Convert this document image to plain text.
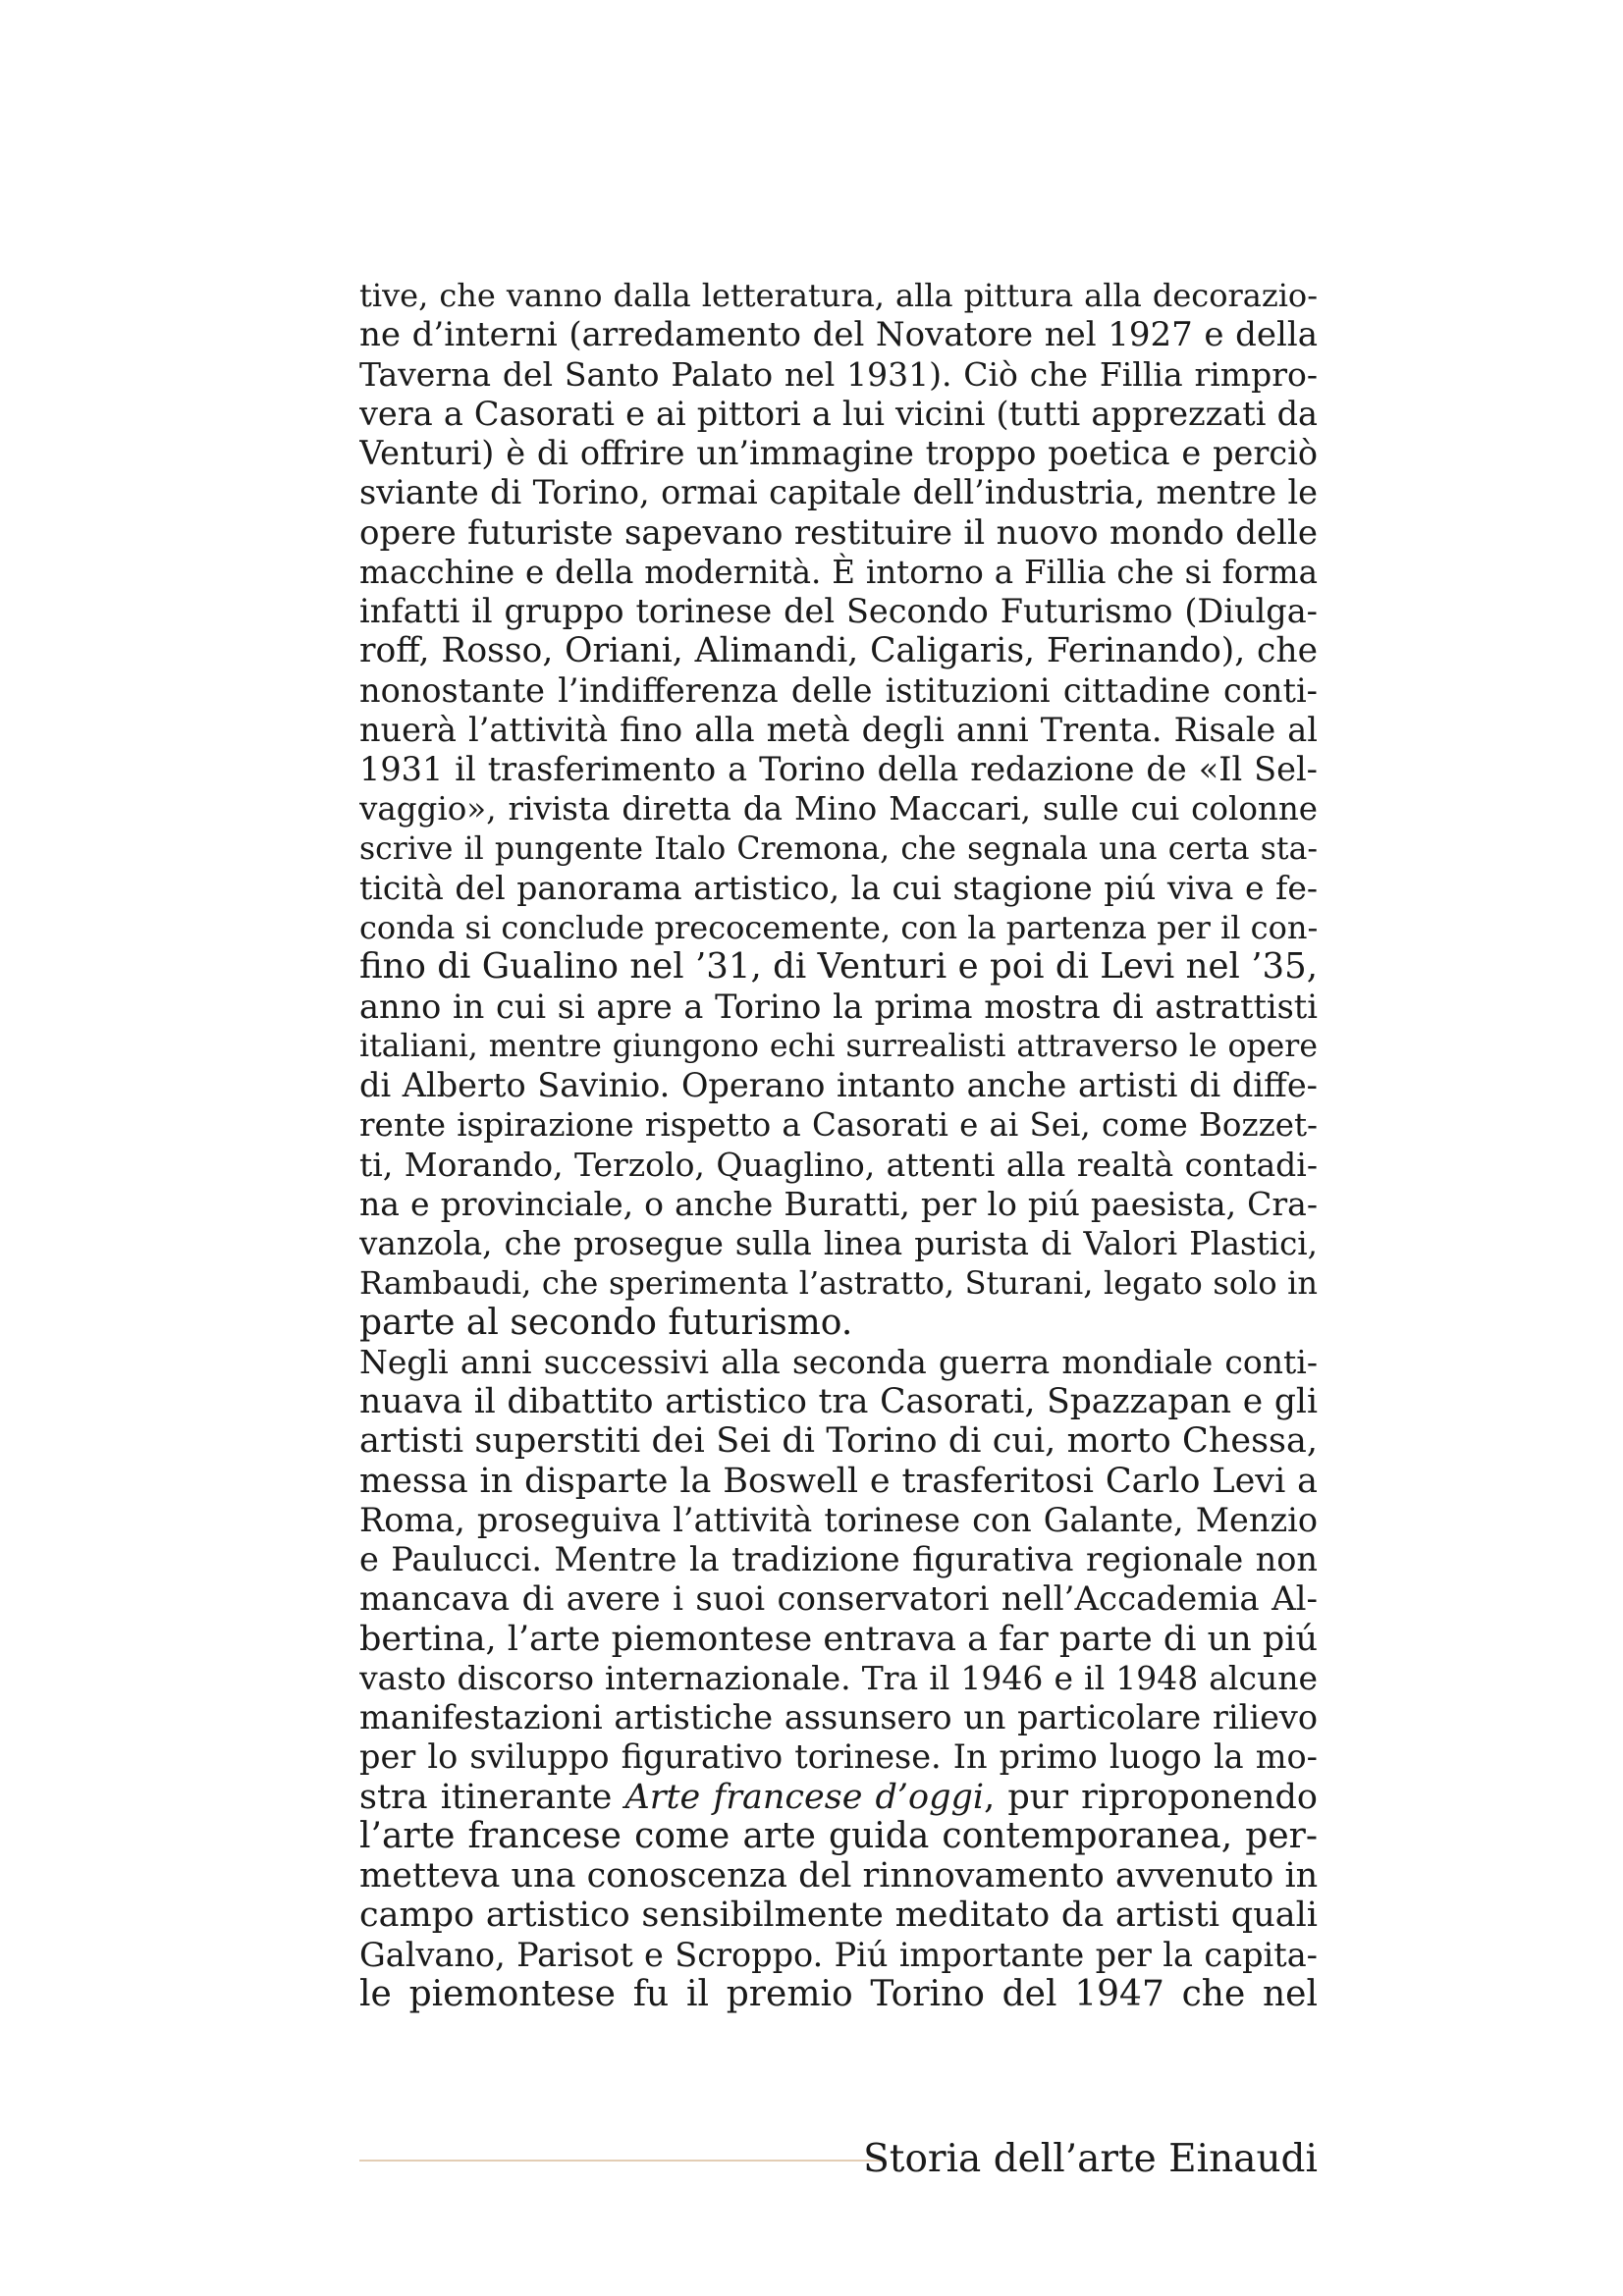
tive, che vanno dalla letteratura, alla pittura alla decorazio-
ne d’interni (arredamento del Novatore nel 1927 e della
Taverna del Santo Palato nel 1931). Ciò che Fillia rimpro-
vera a Casorati e ai pittori a lui vicini (tutti apprezzati da
Venturi) è di offrire un’immagine troppo poetica e perciò
sviante di Torino, ormai capitale dell’industria, mentre le
opere futuriste sapevano restituire il nuovo mondo delle
macchine e della modernità. È intorno a Fillia che si forma
infatti il gruppo torinese del Secondo Futurismo (Diulga-
roff, Rosso, Oriani, Alimandi, Caligaris, Ferinando), che
nonostante l’indifferenza delle istituzioni cittadine conti-
nuerà l’attività fino alla metà degli anni Trenta. Risale al
1931 il trasferimento a Torino della redazione de «Il Sel-
vaggio», rivista diretta da Mino Maccari, sulle cui colonne
scrive il pungente Italo Cremona, che segnala una certa sta-
ticità del panorama artistico, la cui stagione piú viva e fe-
conda si conclude precocemente, con la partenza per il con-
fino di Gualino nel ’31, di Venturi e poi di Levi nel ’35,
anno in cui si apre a Torino la prima mostra di astrattisti
italiani, mentre giungono echi surrealisti attraverso le opere
di Alberto Savinio. Operano intanto anche artisti di diffe-
rente ispirazione rispetto a Casorati e ai Sei, come Bozzet-
ti, Morando, Terzolo, Quaglino, attenti alla realtà contadi-
na e provinciale, o anche Buratti, per lo piú paesista, Cra-
vanzola, che prosegue sulla linea purista di Valori Plastici,
Rambaudi, che sperimenta l’astratto, Sturani, legato solo in
parte al secondo futurismo.
Negli anni successivi alla seconda guerra mondiale conti-
nuava il dibattito artistico tra Casorati, Spazzapan e gli
artisti superstiti dei Sei di Torino di cui, morto Chessa,
messa in disparte la Boswell e trasferitosi Carlo Levi a
Roma, proseguiva l’attività torinese con Galante, Menzio
e Paulucci. Mentre la tradizione figurativa regionale non
mancava di avere i suoi conservatori nell’Accademia Al-
bertina, l’arte piemontese entrava a far parte di un piú
vasto discorso internazionale. Tra il 1946 e il 1948 alcune
manifestazioni artistiche assunsero un particolare rilievo
per lo sviluppo figurativo torinese. In primo luogo la mo-
stra itinerante Arte francese d’oggi, pur riproponendo
l’arte francese come arte guida contemporanea, per-
metteva una conoscenza del rinnovamento avvenuto in
campo artistico sensibilmente meditato da artisti quali
Galvano, Parisot e Scroppo. Piú importante per la capita-
le piemontese fu il premio Torino del 1947 che nel
Storia dell’arte Einaudi
